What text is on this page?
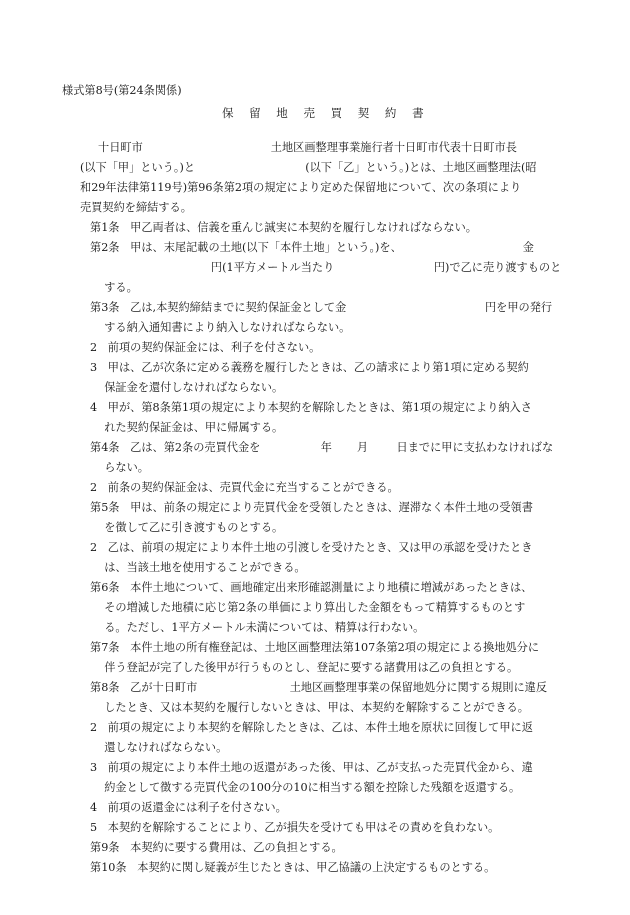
様式第8号(第24条関係)
保 留 地 売 買 契 約 書
十日町市                                    土地区画整理事業施行者十日町市代表十日町市長
(以下「甲」という。)と                               (以下「乙」という。)とは、土地区画整理法(昭
和29年法律第119号)第96条第2項の規定により定めた保留地について、次の条項により
売買契約を締結する。
第1条   甲乙両者は、信義を重んじ誠実に本契約を履行しなければならない。
第2条   甲は、末尾記載の土地(以下「本件土地」という。)を、                                  金
円(1平方メートル当たり                            円)で乙に売り渡すものと
する。
第3条   乙は,本契約締結までに契約保証金として金                                       円を甲の発行
する納入通知書により納入しなければならない。
2   前項の契約保証金には、利子を付さない。
3   甲は、乙が次条に定める義務を履行したときは、乙の請求により第1項に定める契約
保証金を還付しなければならない。
4   甲が、第8条第1項の規定により本契約を解除したときは、第1項の規定により納入さ
れた契約保証金は、甲に帰属する。
第4条   乙は、第2条の売買代金を                 年       月        日までに甲に支払わなければな
らない。
2   前条の契約保証金は、売買代金に充当することができる。
第5条   甲は、前条の規定により売買代金を受領したときは、遅滞なく本件土地の受領書
を徴して乙に引き渡すものとする。
2   乙は、前項の規定により本件土地の引渡しを受けたとき、又は甲の承認を受けたとき
は、当該土地を使用することができる。
第6条   本件土地について、画地確定出来形確認測量により地積に増減があったときは、
その増減した地積に応じ第2条の単価により算出した金額をもって精算するものとす
る。ただし、1平方メートル未満については、精算は行わない。
第7条   本件土地の所有権登記は、土地区画整理法第107条第2項の規定による換地処分に
伴う登記が完了した後甲が行うものとし、登記に要する諸費用は乙の負担とする。
第8条   乙が十日町市                          土地区画整理事業の保留地処分に関する規則に違反
したとき、又は本契約を履行しないときは、甲は、本契約を解除することができる。
2   前項の規定により本契約を解除したときは、乙は、本件土地を原状に回復して甲に返
還しなければならない。
3   前項の規定により本件土地の返還があった後、甲は、乙が支払った売買代金から、違
約金として徴する売買代金の100分の10に相当する額を控除した残額を返還する。
4   前項の返還金には利子を付さない。
5   本契約を解除することにより、乙が損失を受けても甲はその責めを負わない。
第9条   本契約に要する費用は、乙の負担とする。
第10条   本契約に関し疑義が生じたときは、甲乙協議の上決定するものとする。
